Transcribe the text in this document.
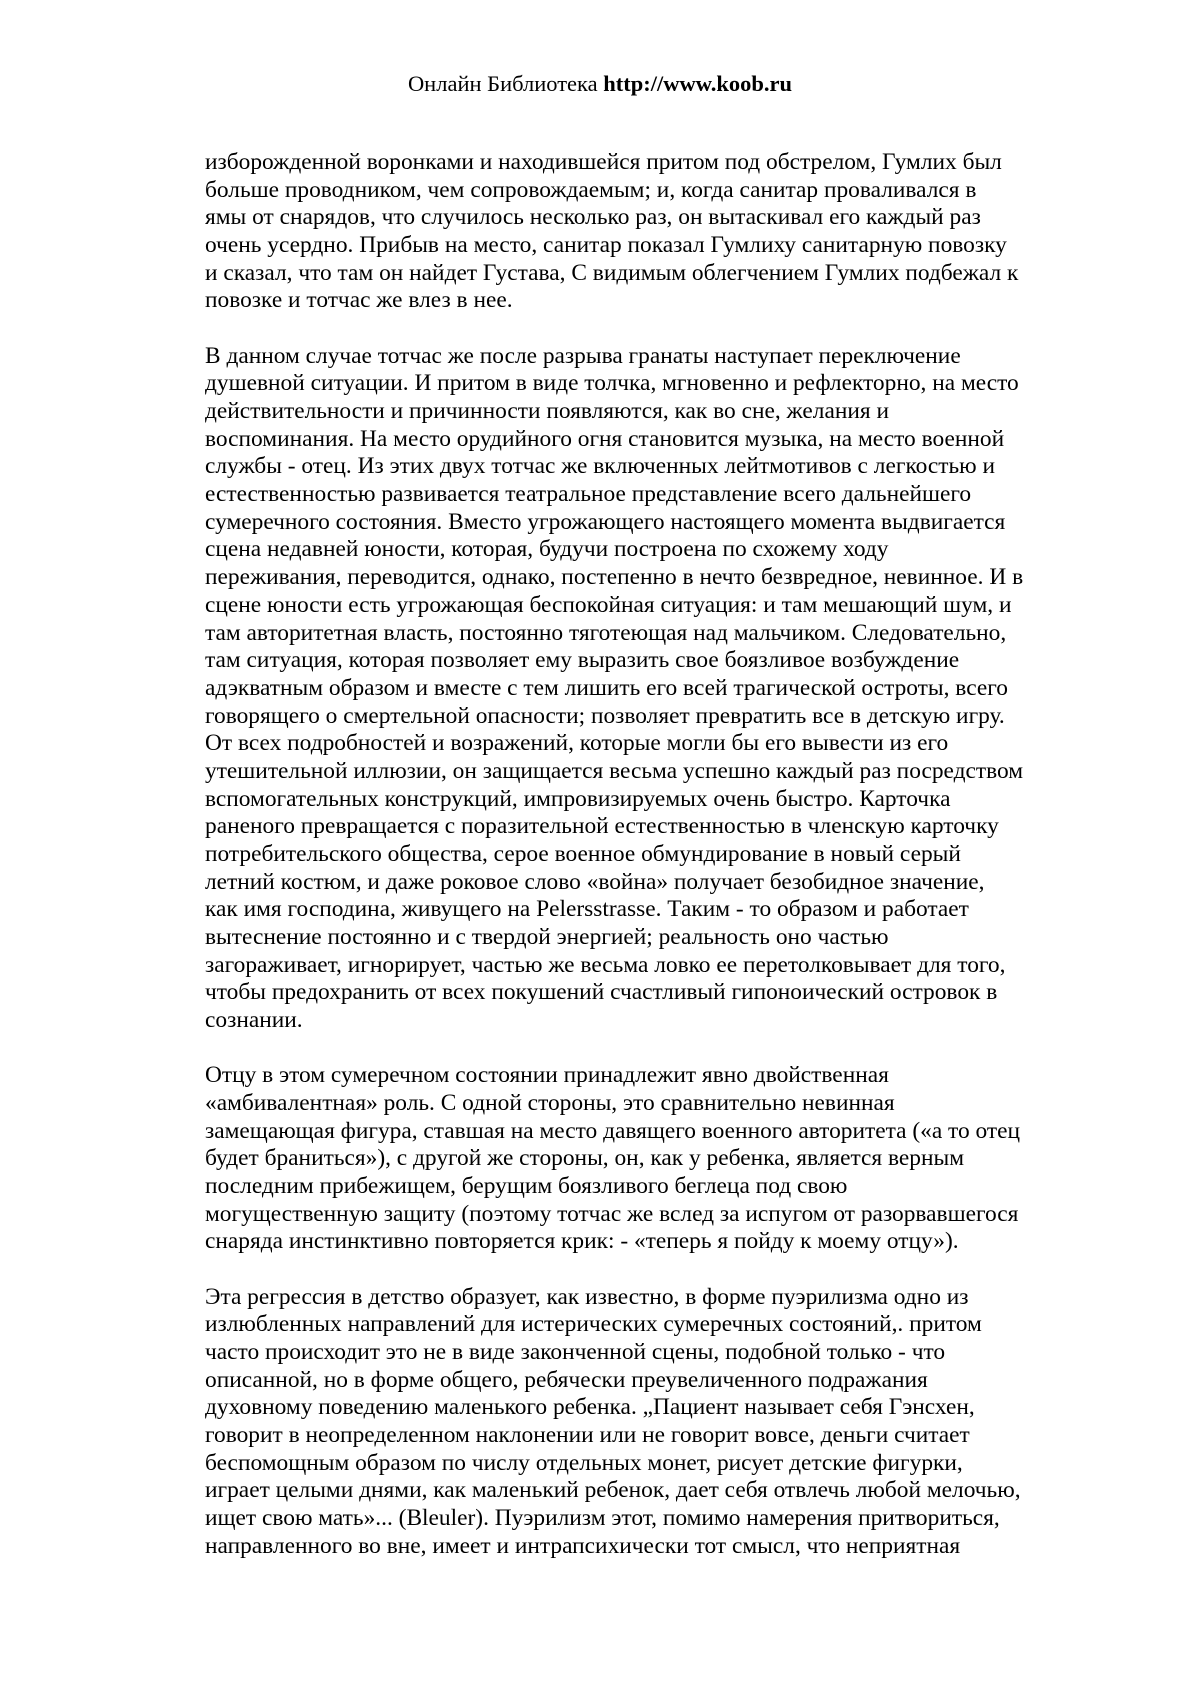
Онлайн Библиотека http://www.koob.ru
изборожденной воронками и находившейся притом под обстрелом, Гумлих был
больше проводником, чем сопровождаемым; и, когда санитар проваливался в
ямы от снарядов, что случилось несколько раз, он вытаскивал его каждый раз
очень усердно. Прибыв на место, санитар показал Гумлиху санитарную повозку
и сказал, что там он найдет Густава, С видимым облегчением Гумлих подбежал к
повозке и тотчас же влез в нее.
В данном случае тотчас же после разрыва гранаты наступает переключение
душевной ситуации. И притом в виде толчка, мгновенно и рефлекторно, на место
действительности и причинности появляются, как во сне, желания и
воспоминания. На место орудийного огня становится музыка, на место военной
службы - отец. Из этих двух тотчас же включенных лейтмотивов с легкостью и
естественностью развивается театральное представление всего дальнейшего
сумеречного состояния. Вместо угрожающего настоящего момента выдвигается
сцена недавней юности, которая, будучи построена по схожему ходу
переживания, переводится, однако, постепенно в нечто безвредное, невинное. И в
сцене юности есть угрожающая беспокойная ситуация: и там мешающий шум, и
там авторитетная власть, постоянно тяготеющая над мальчиком. Следовательно,
там ситуация, которая позволяет ему выразить свое боязливое возбуждение
адэкватным образом и вместе с тем лишить его всей трагической остроты, всего
говорящего о смертельной опасности; позволяет превратить все в детскую игру.
От всех подробностей и возражений, которые могли бы его вывести из его
утешительной иллюзии, он защищается весьма успешно каждый раз посредством
вспомогательных конструкций, импровизируемых очень быстро. Карточка
раненого превращается с поразительной естественностью в членскую карточку
потребительского общества, серое военное обмундирование в новый серый
летний костюм, и даже роковое слово «война» получает безобидное значение,
как имя господина, живущего на Pelersstrasse. Таким - то образом и работает
вытеснение постоянно и с твердой энергией; реальность оно частью
загораживает, игнорирует, частью же весьма ловко ее перетолковывает для того,
чтобы предохранить от всех покушений счастливый гипоноический островок в
сознании.
Отцу в этом сумеречном состоянии принадлежит явно двойственная
«амбивалентная» роль. С одной стороны, это сравнительно невинная
замещающая фигура, ставшая на место давящего военного авторитета («а то отец
будет браниться»), с другой же стороны, он, как у ребенка, является верным
последним прибежищем, берущим боязливого беглеца под свою
могущественную защиту (поэтому тотчас же вслед за испугом от разорвавшегося
снаряда инстинктивно повторяется крик: - «теперь я пойду к моему отцу»).
Эта регрессия в детство образует, как известно, в форме пуэрилизма одно из
излюбленных направлений для истерических сумеречных состояний,. притом
часто происходит это не в виде законченной сцены, подобной только - что
описанной, но в форме общего, ребячески преувеличенного подражания
духовному поведению маленького ребенка. „Пациент называет себя Гэнсхен,
говорит в неопределенном наклонении или не говорит вовсе, деньги считает
беспомощным образом по числу отдельных монет, рисует детские фигурки,
играет целыми днями, как маленький ребенок, дает себя отвлечь любой мелочью,
ищет свою мать»... (Bleuler). Пуэрилизм этот, помимо намерения притвориться,
направленного во вне, имеет и интрапсихически тот смысл, что неприятная
